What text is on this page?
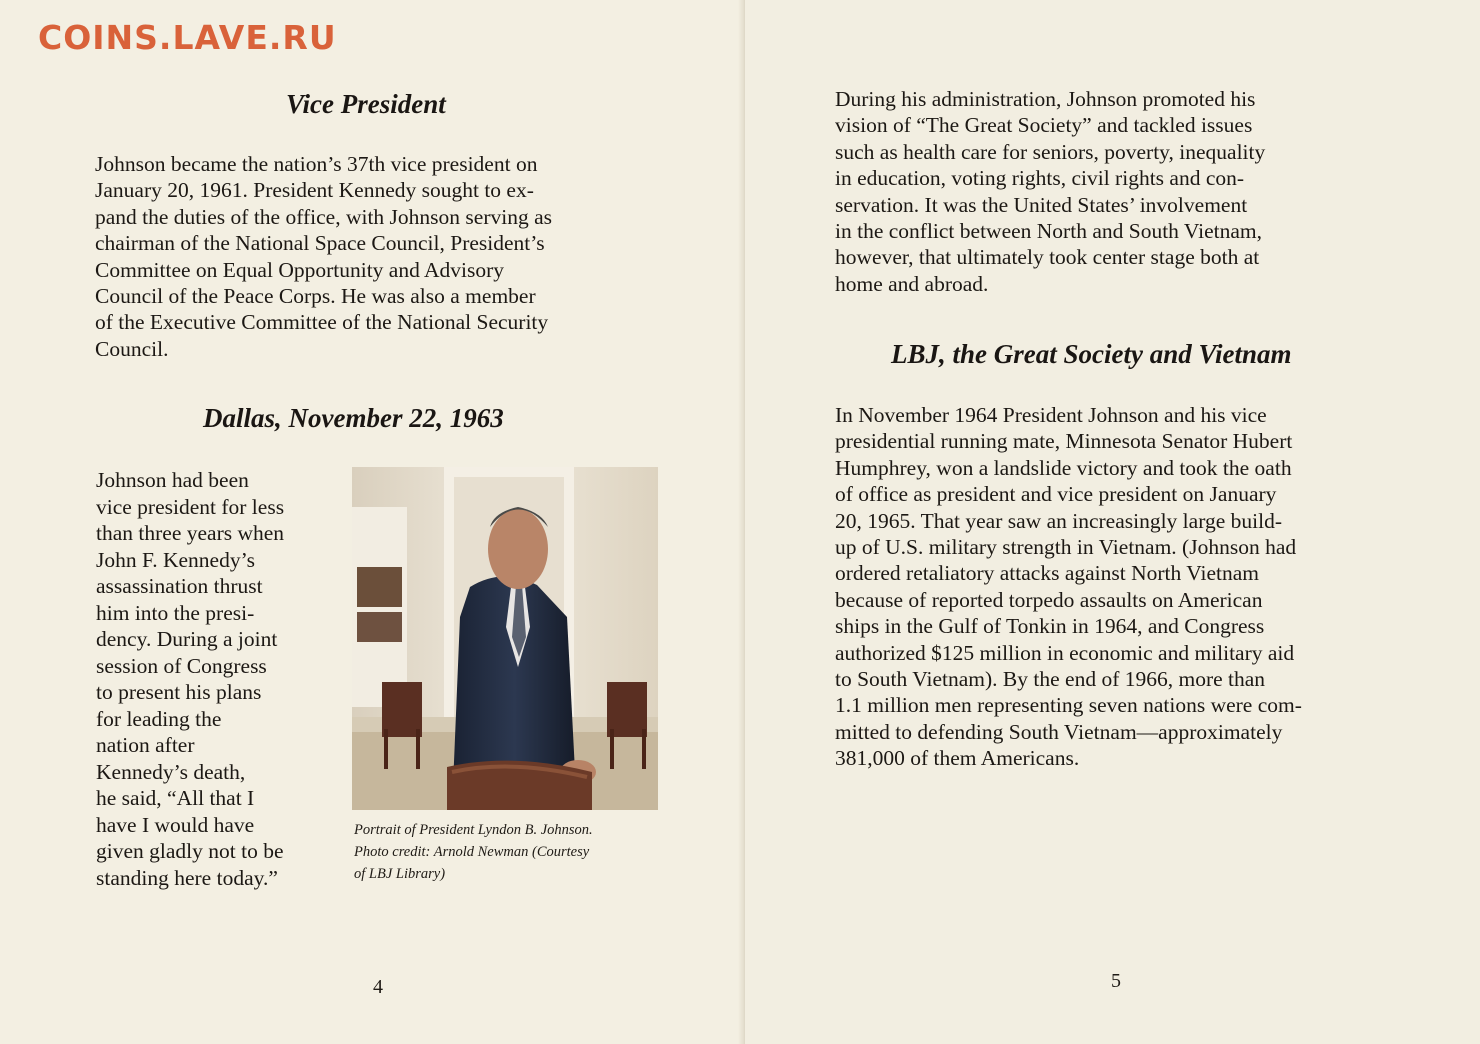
COINS.LAVE.RU
Vice President
Johnson became the nation’s 37th vice president on
January 20, 1961. President Kennedy sought to ex-
pand the duties of the office, with Johnson serving as
chairman of the National Space Council, President’s
Committee on Equal Opportunity and Advisory
Council of the Peace Corps. He was also a member
of the Executive Committee of the National Security
Council.
Dallas, November 22, 1963
Johnson had been
vice president for less
than three years when
John F. Kennedy’s
assassination thrust
him into the presi-
dency. During a joint
session of Congress
to present his plans
for leading the
nation after
Kennedy’s death,
he said, “All that I
have I would have
given gladly not to be
standing here today.”
Portrait of President Lyndon B. Johnson.
Photo credit: Arnold Newman (Courtesy
of LBJ Library)
4
During his administration, Johnson promoted his
vision of “The Great Society” and tackled issues
such as health care for seniors, poverty, inequality
in education, voting rights, civil rights and con-
servation. It was the United States’ involvement
in the conflict between North and South Vietnam,
however, that ultimately took center stage both at
home and abroad.
LBJ, the Great Society and Vietnam
In November 1964 President Johnson and his vice
presidential running mate, Minnesota Senator Hubert
Humphrey, won a landslide victory and took the oath
of office as president and vice president on January
20, 1965. That year saw an increasingly large build-
up of U.S. military strength in Vietnam. (Johnson had
ordered retaliatory attacks against North Vietnam
because of reported torpedo assaults on American
ships in the Gulf of Tonkin in 1964, and Congress
authorized $125 million in economic and military aid
to South Vietnam). By the end of 1966, more than
1.1 million men representing seven nations were com-
mitted to defending South Vietnam—approximately
381,000 of them Americans.
5
